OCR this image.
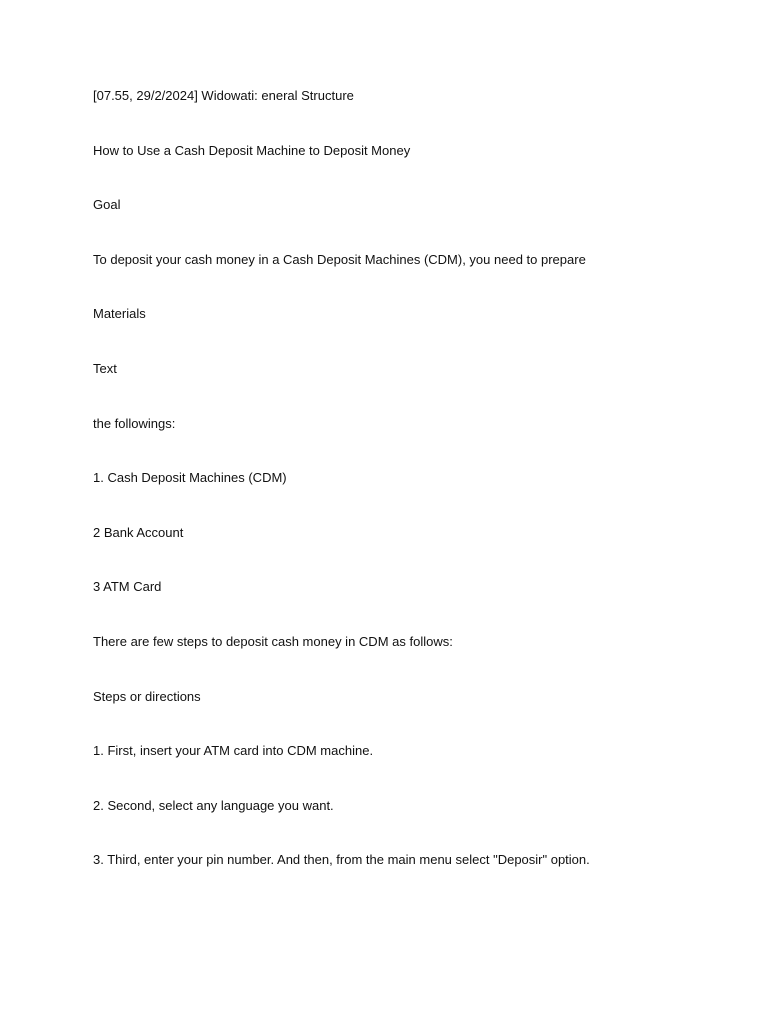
[07.55, 29/2/2024] Widowati: eneral Structure

How to Use a Cash Deposit Machine to Deposit Money

Goal

To deposit your cash money in a Cash Deposit Machines (CDM), you need to prepare

Materials

Text

the followings:

1. Cash Deposit Machines (CDM)

2 Bank Account

3 ATM Card

There are few steps to deposit cash money in CDM as follows:

Steps or directions

1. First, insert your ATM card into CDM machine.

2. Second, select any language you want.

3. Third, enter your pin number. And then, from the main menu select "Deposir" option.
